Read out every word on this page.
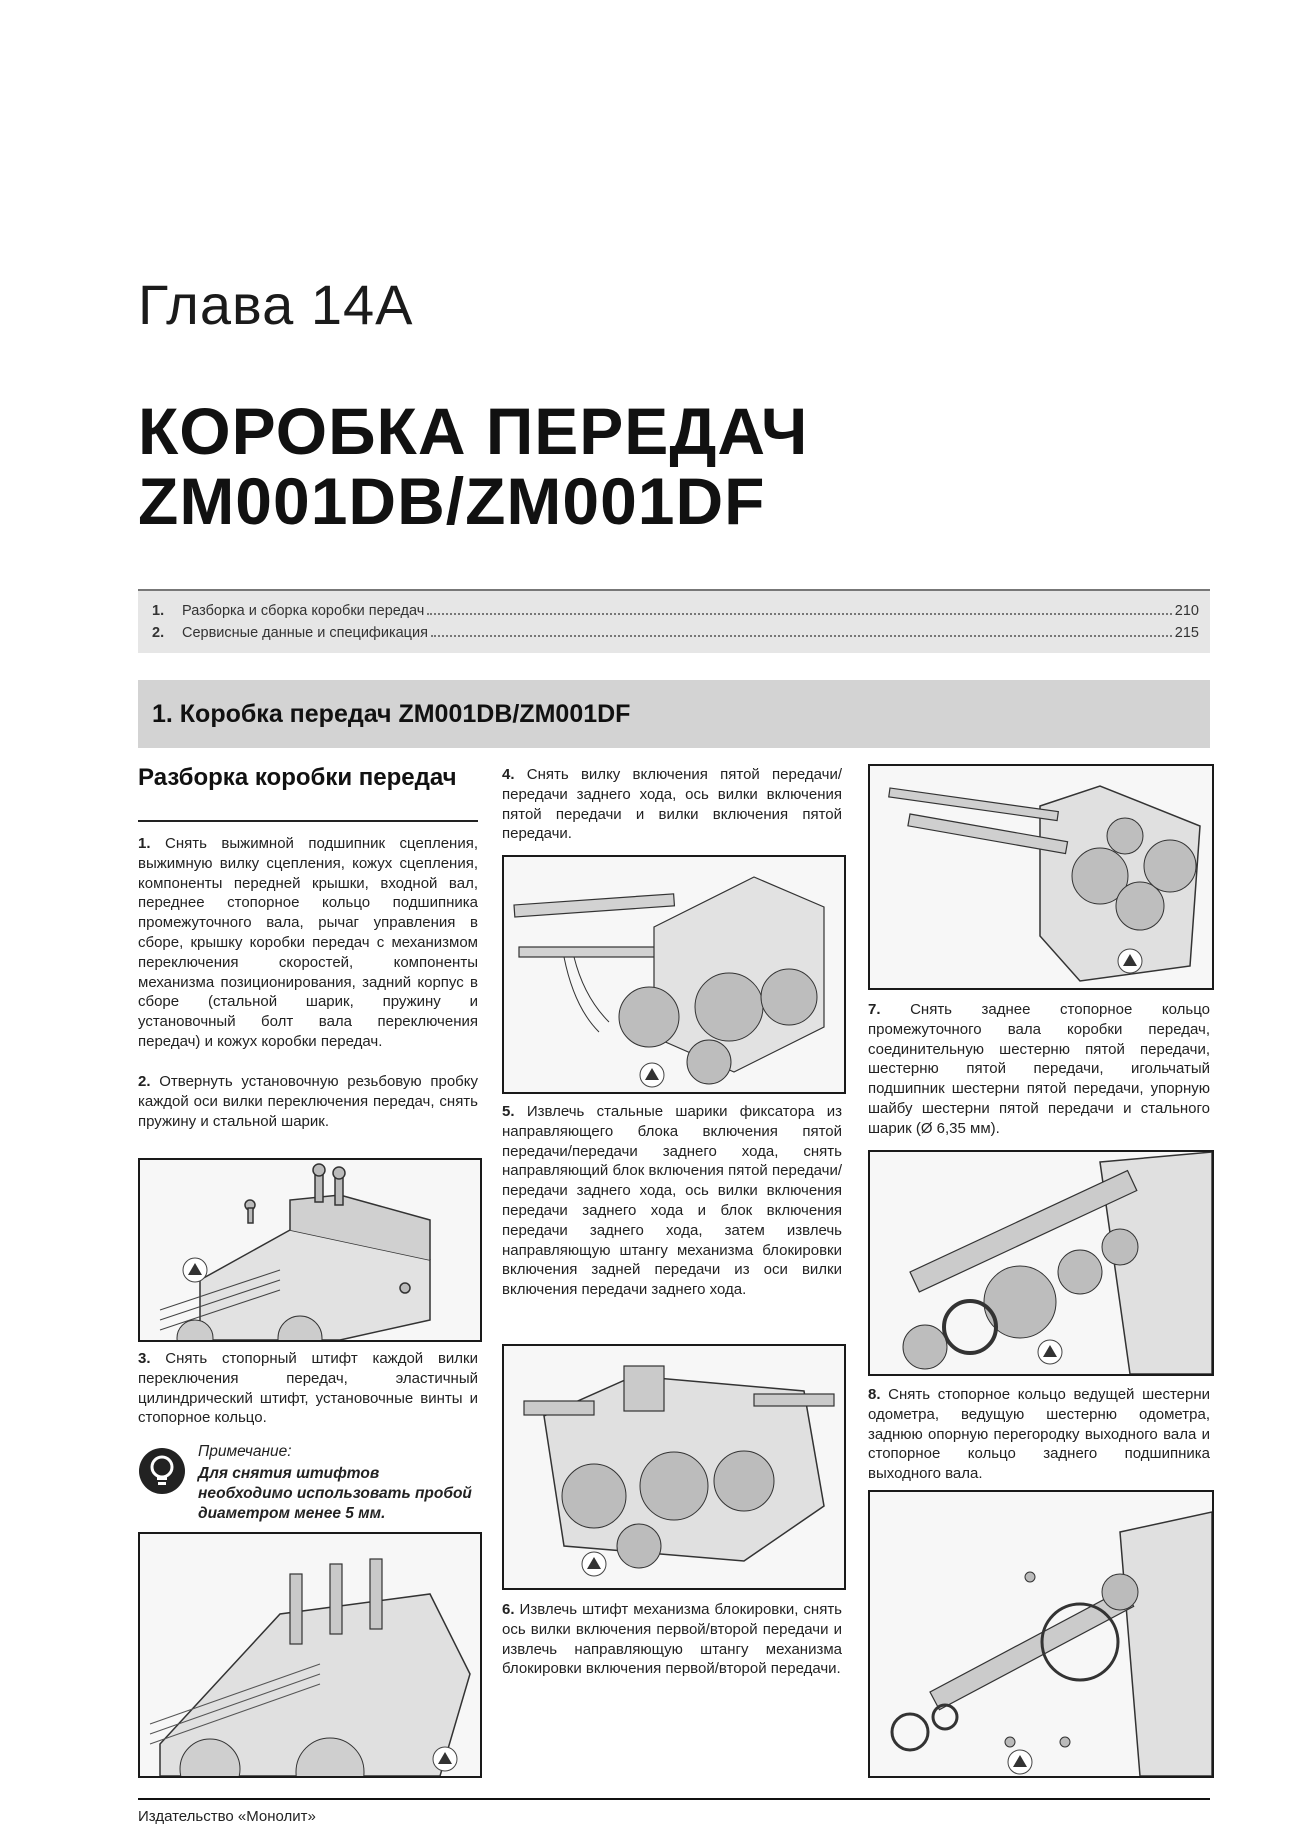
Глава 14А
КОРОБКА ПЕРЕДАЧ
ZM001DB/ZM001DF
1.	Разборка и сборка коробки передач	210
2.	Сервисные данные и спецификация	215
1. Коробка передач ZM001DB/ZM001DF
Разборка коробки передач
1. Снять выжимной подшипник сцепления, выжимную вилку сцепления, кожух сцепления, компоненты передней крышки, входной вал, переднее стопорное кольцо подшипника промежуточного вала, рычаг управления в сборе, крышку коробки передач с механизмом переключения скоростей, компоненты механизма позиционирования, задний корпус в сборе (стальной шарик, пружину и установочный болт вала переключения передач) и кожух коробки передач.
2. Отвернуть установочную резьбовую пробку каждой оси вилки переключения передач, снять пружину и стальной шарик.
3. Снять стопорный штифт каждой вилки переключения передач, эластичный цилиндрический штифт, установочные винты и стопорное кольцо.
Примечание:
Для снятия штифтов необходимо использовать пробой диаметром менее 5 мм.
4. Снять вилку включения пятой передачи/передачи заднего хода, ось вилки включения пятой передачи и вилки включения пятой передачи.
5. Извлечь стальные шарики фиксатора из направляющего блока включения пятой передачи/передачи заднего хода, снять направляющий блок включения пятой передачи/передачи заднего хода, ось вилки включения передачи заднего хода и блок включения передачи заднего хода, затем извлечь направляющую штангу механизма блокировки включения задней передачи из оси вилки включения передачи заднего хода.
6. Извлечь штифт механизма блокировки, снять ось вилки включения первой/второй передачи и извлечь направляющую штангу механизма блокировки включения первой/второй передачи.
7. Снять заднее стопорное кольцо промежуточного вала коробки передач, соединительную шестерню пятой передачи, шестерню пятой передачи, игольчатый подшипник шестерни пятой передачи, упорную шайбу шестерни пятой передачи и стального шарик (Ø 6,35 мм).
8. Снять стопорное кольцо ведущей шестерни одометра, ведущую шестерню одометра, заднюю опорную перегородку выходного вала и стопорное кольцо заднего подшипника выходного вала.
Издательство «Монолит»
